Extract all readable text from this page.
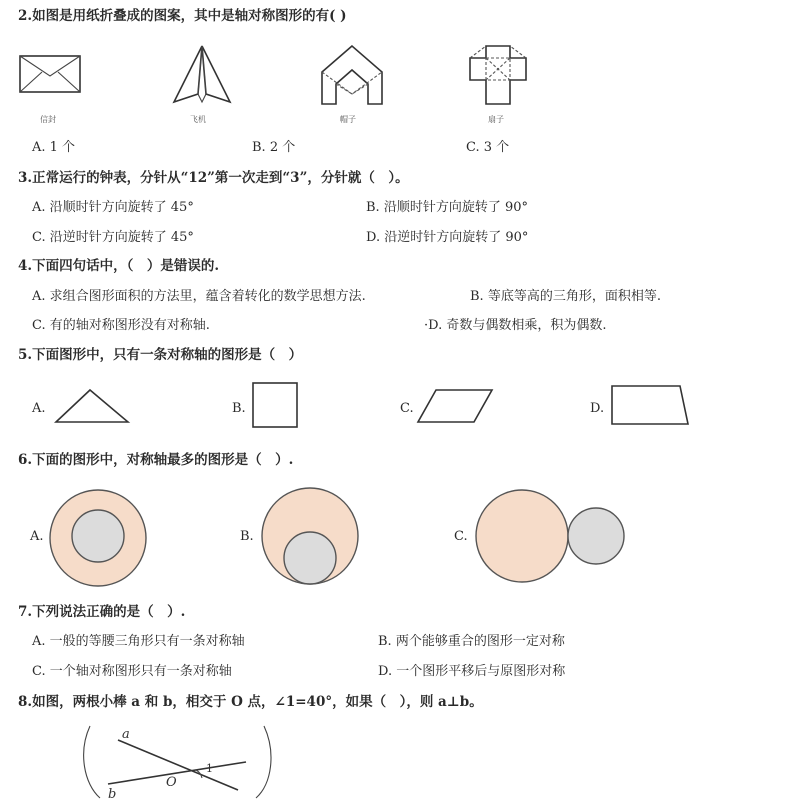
2.如图是用纸折叠成的图案，其中是轴对称图形的有( )
信封	飞机	帽子	扇子
A. 1 个	B. 2 个	C. 3 个
3.正常运行的钟表，分针从“12”第一次走到“3”，分针就（　）。
A. 沿顺时针方向旋转了 45°	B. 沿顺时针方向旋转了 90°
C. 沿逆时针方向旋转了 45°	D. 沿逆时针方向旋转了 90°
4.下面四句话中，（　）是错误的.
A. 求组合图形面积的方法里，蕴含着转化的数学思想方法.	B. 等底等高的三角形，面积相等.
C. 有的轴对称图形没有对称轴.	·D. 奇数与偶数相乘，积为偶数.
5.下面图形中，只有一条对称轴的图形是（　）
A.	B.	C.	D.
6.下面的图形中，对称轴最多的图形是（　）.
A.	B.	C.
7.下列说法正确的是（　）.
A. 一般的等腰三角形只有一条对称轴	B. 两个能够重合的图形一定对称
C. 一个轴对称图形只有一条对称轴	D. 一个图形平移后与原图形对称
8.如图，两根小棒 a 和 b，相交于 O 点，∠1=40°，如果（　），则 a⊥b。
a
b
O
1
